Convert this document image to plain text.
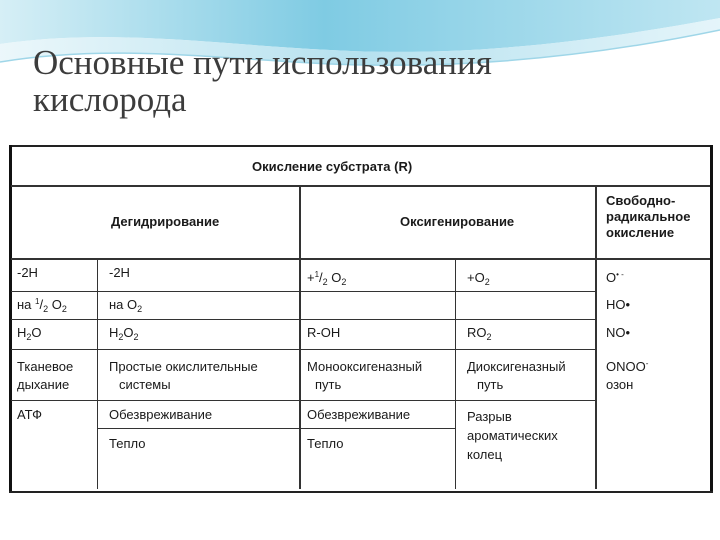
Основные пути использования
кислорода
Окисление субстрата (R)
Дегидрирование	Оксигенирование
Свободно-
радикальное
окисление
-2H
на $^1/_2$ $O_2$
$H_2O$
Тканевое
дыхание
АТФ
-2H
на $O_2$
$H_2O_2$
Простые окислительные
системы
Обезвреживание
Тепло
$+^1/_2$ $O_2$
R-OH
Монооксигеназный
путь
Обезвреживание
Тепло
$+O_2$
$RO_2$
Диоксигеназный
путь
Разрыв
ароматических
колец
O• -
HO•
NO•
ONOO-
озон
